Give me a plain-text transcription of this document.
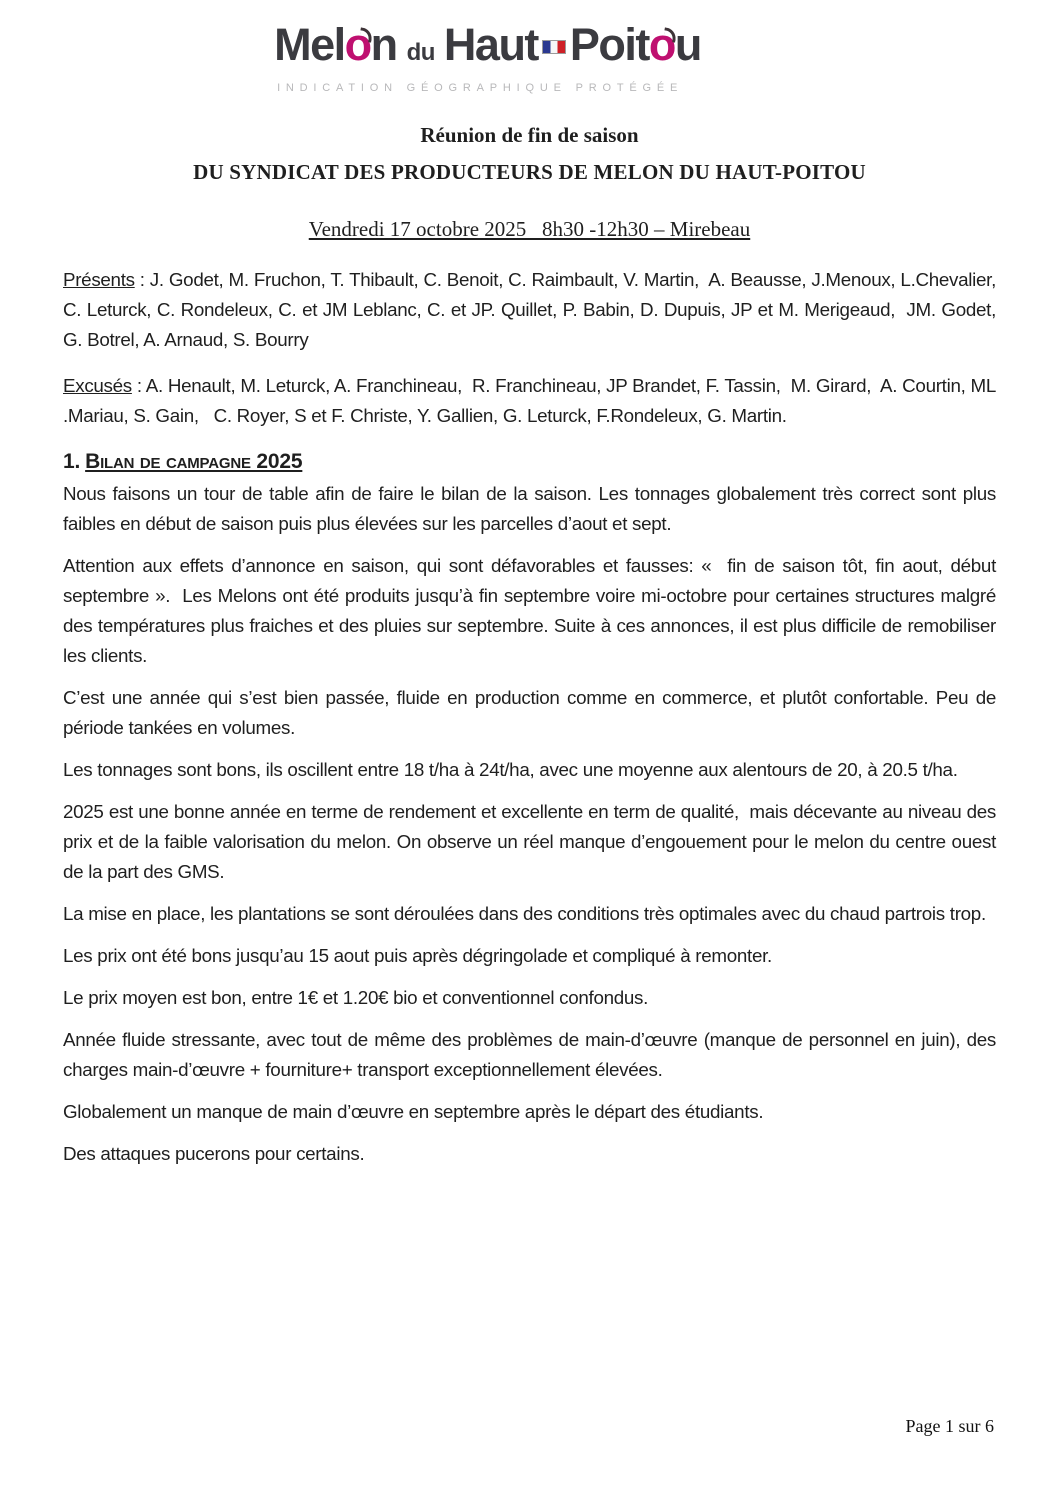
Melon du Haut Poitou
INDICATION GÉOGRAPHIQUE PROTÉGÉE
Réunion de fin de saison
DU SYNDICAT DES PRODUCTEURS DE MELON DU HAUT-POITOU
Vendredi 17 octobre 2025   8h30 -12h30 – Mirebeau

Présents : J. Godet, M. Fruchon, T. Thibault, C. Benoit, C. Raimbault, V. Martin,  A. Beausse, J.Menoux, L.Chevalier, C. Leturck, C. Rondeleux, C. et JM Leblanc, C. et JP. Quillet, P. Babin, D. Dupuis, JP et M. Merigeaud,  JM. Godet, G. Botrel, A. Arnaud, S. Bourry

Excusés : A. Henault, M. Leturck, A. Franchineau,  R. Franchineau, JP Brandet, F. Tassin,  M. Girard,  A. Courtin, ML .Mariau, S. Gain,   C. Royer, S et F. Christe, Y. Gallien, G. Leturck, F.Rondeleux, G. Martin.

1. Bilan de campagne 2025

Nous faisons un tour de table afin de faire le bilan de la saison. Les tonnages globalement très correct sont plus faibles en début de saison puis plus élevées sur les parcelles d’aout et sept.

Attention aux effets d’annonce en saison, qui sont défavorables et fausses: «  fin de saison tôt, fin aout, début septembre ».  Les Melons ont été produits jusqu’à fin septembre voire mi-octobre pour certaines structures malgré des températures plus fraiches et des pluies sur septembre. Suite à ces annonces, il est plus difficile de remobiliser les clients.

C’est une année qui s’est bien passée, fluide en production comme en commerce, et plutôt confortable. Peu de période tankées en volumes.

Les tonnages sont bons, ils oscillent entre 18 t/ha à 24t/ha, avec une moyenne aux alentours de 20, à 20.5 t/ha.

2025 est une bonne année en terme de rendement et excellente en term de qualité,  mais décevante au niveau des prix et de la faible valorisation du melon. On observe un réel manque d’engouement pour le melon du centre ouest de la part des GMS.

La mise en place, les plantations se sont déroulées dans des conditions très optimales avec du chaud partrois trop.

Les prix ont été bons jusqu’au 15 aout puis après dégringolade et compliqué à remonter.

Le prix moyen est bon, entre 1€ et 1.20€ bio et conventionnel confondus.

Année fluide stressante, avec tout de même des problèmes de main-d’œuvre (manque de personnel en juin), des charges main-d’œuvre + fourniture+ transport exceptionnellement élevées.

Globalement un manque de main d’œuvre en septembre après le départ des étudiants.

Des attaques pucerons pour certains.

Page 1 sur 6
